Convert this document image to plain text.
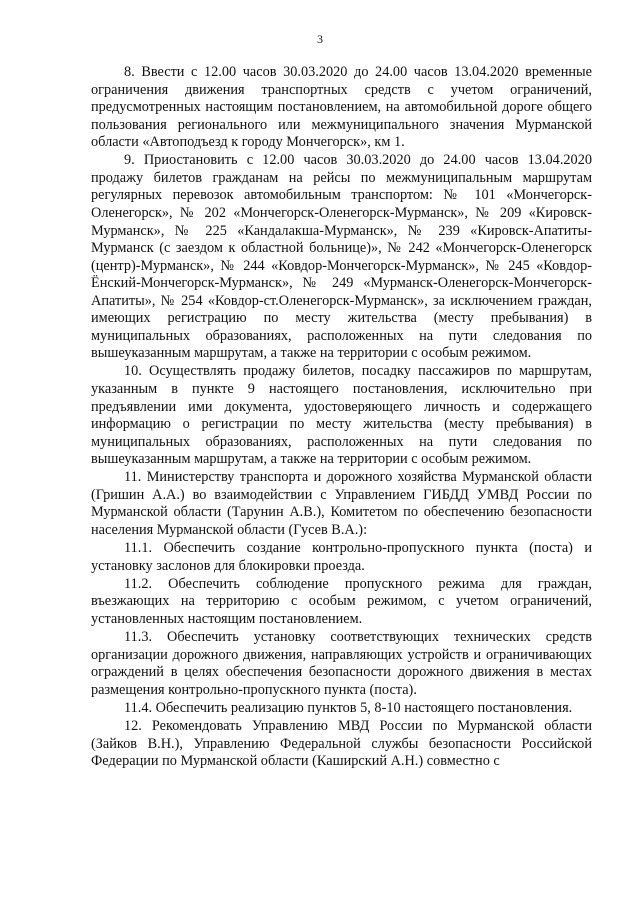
3

8. Ввести с 12.00 часов 30.03.2020 до 24.00 часов 13.04.2020 временные ограничения движения транспортных средств с учетом ограничений, предусмотренных настоящим постановлением, на автомобильной дороге общего пользования регионального или межмуниципального значения Мурманской области «Автоподъезд к городу Мончегорск», км 1.

9. Приостановить с 12.00 часов 30.03.2020 до 24.00 часов 13.04.2020 продажу билетов гражданам на рейсы по межмуниципальным маршрутам регулярных перевозок автомобильным транспортом: № 101 «Мончегорск-Оленегорск», № 202 «Мончегорск-Оленегорск-Мурманск», № 209 «Кировск-Мурманск», № 225 «Кандалакша-Мурманск», № 239 «Кировск-Апатиты-Мурманск (с заездом к областной больнице)», № 242 «Мончегорск-Оленегорск (центр)-Мурманск», № 244 «Ковдор-Мончегорск-Мурманск», № 245 «Ковдор-Ёнский-Мончегорск-Мурманск», № 249 «Мурманск-Оленегорск-Мончегорск-Апатиты», № 254 «Ковдор-ст.Оленегорск-Мурманск», за исключением граждан, имеющих регистрацию по месту жительства (месту пребывания) в муниципальных образованиях, расположенных на пути следования по вышеуказанным маршрутам, а также на территории с особым режимом.

10. Осуществлять продажу билетов, посадку пассажиров по маршрутам, указанным в пункте 9 настоящего постановления, исключительно при предъявлении ими документа, удостоверяющего личность и содержащего информацию о регистрации по месту жительства (месту пребывания) в муниципальных образованиях, расположенных на пути следования по вышеуказанным маршрутам, а также на территории с особым режимом.

11. Министерству транспорта и дорожного хозяйства Мурманской области (Гришин А.А.) во взаимодействии с Управлением ГИБДД УМВД России по Мурманской области (Тарунин А.В.), Комитетом по обеспечению безопасности населения Мурманской области (Гусев В.А.):

11.1. Обеспечить создание контрольно-пропускного пункта (поста) и установку заслонов для блокировки проезда.

11.2. Обеспечить соблюдение пропускного режима для граждан, въезжающих на территорию с особым режимом, с учетом ограничений, установленных настоящим постановлением.

11.3. Обеспечить установку соответствующих технических средств организации дорожного движения, направляющих устройств и ограничивающих ограждений в целях обеспечения безопасности дорожного движения в местах размещения контрольно-пропускного пункта (поста).

11.4. Обеспечить реализацию пунктов 5, 8-10 настоящего постановления.

12. Рекомендовать Управлению МВД России по Мурманской области (Зайков В.Н.), Управлению Федеральной службы безопасности Российской Федерации по Мурманской области (Каширский А.Н.) совместно с
